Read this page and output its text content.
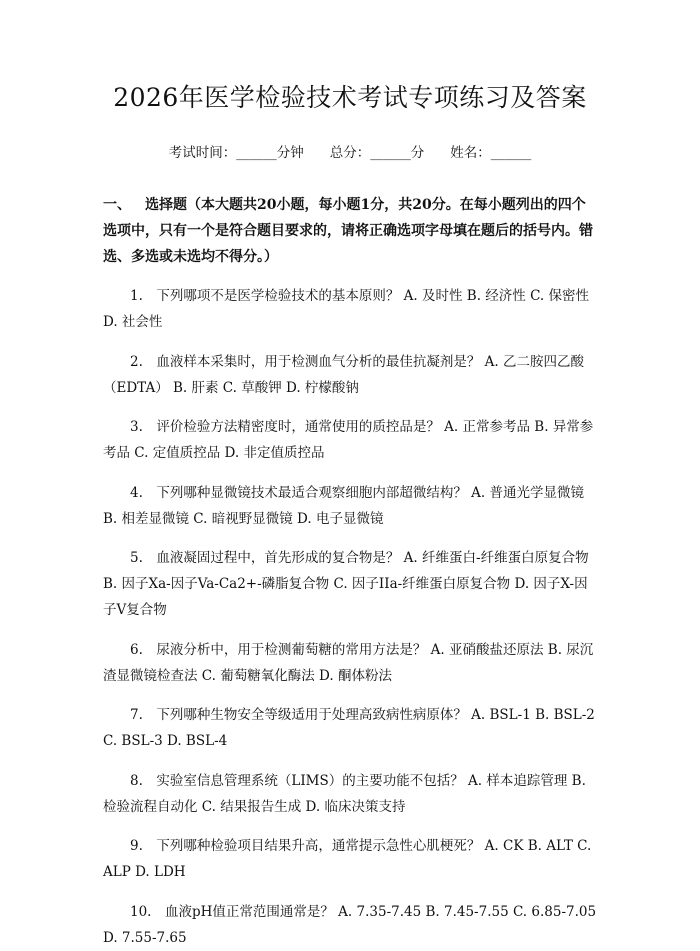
2026年医学检验技术考试专项练习及答案
考试时间：______分钟 总分：______分 姓名：______
一、 选择题（本大题共20小题，每小题1分，共20分。在每小题列出的四个选项中，只有一个是符合题目要求的，请将正确选项字母填在题后的括号内。错选、多选或未选均不得分。）

1.　下列哪项不是医学检验技术的基本原则？ A. 及时性 B. 经济性 C. 保密性 D. 社会性

2.　血液样本采集时，用于检测血气分析的最佳抗凝剂是？ A. 乙二胺四乙酸（EDTA） B. 肝素 C. 草酸钾 D. 柠檬酸钠

3.　评价检验方法精密度时，通常使用的质控品是？ A. 正常参考品 B. 异常参考品 C. 定值质控品 D. 非定值质控品

4.　下列哪种显微镜技术最适合观察细胞内部超微结构？ A. 普通光学显微镜 B. 相差显微镜 C. 暗视野显微镜 D. 电子显微镜

5.　血液凝固过程中，首先形成的复合物是？ A. 纤维蛋白-纤维蛋白原复合物 B. 因子Xa-因子Va-Ca2+-磷脂复合物 C. 因子IIa-纤维蛋白原复合物 D. 因子X-因子V复合物

6.　尿液分析中，用于检测葡萄糖的常用方法是？ A. 亚硝酸盐还原法 B. 尿沉渣显微镜检查法 C. 葡萄糖氧化酶法 D. 酮体粉法

7.　下列哪种生物安全等级适用于处理高致病性病原体？ A. BSL-1 B. BSL-2 C. BSL-3 D. BSL-4

8.　实验室信息管理系统（LIMS）的主要功能不包括？ A. 样本追踪管理 B. 检验流程自动化 C. 结果报告生成 D. 临床决策支持

9.　下列哪种检验项目结果升高，通常提示急性心肌梗死？ A. CK B. ALT C. ALP D. LDH

10.　血液pH值正常范围通常是？ A. 7.35-7.45 B. 7.45-7.55 C. 6.85-7.05 D. 7.55-7.65
